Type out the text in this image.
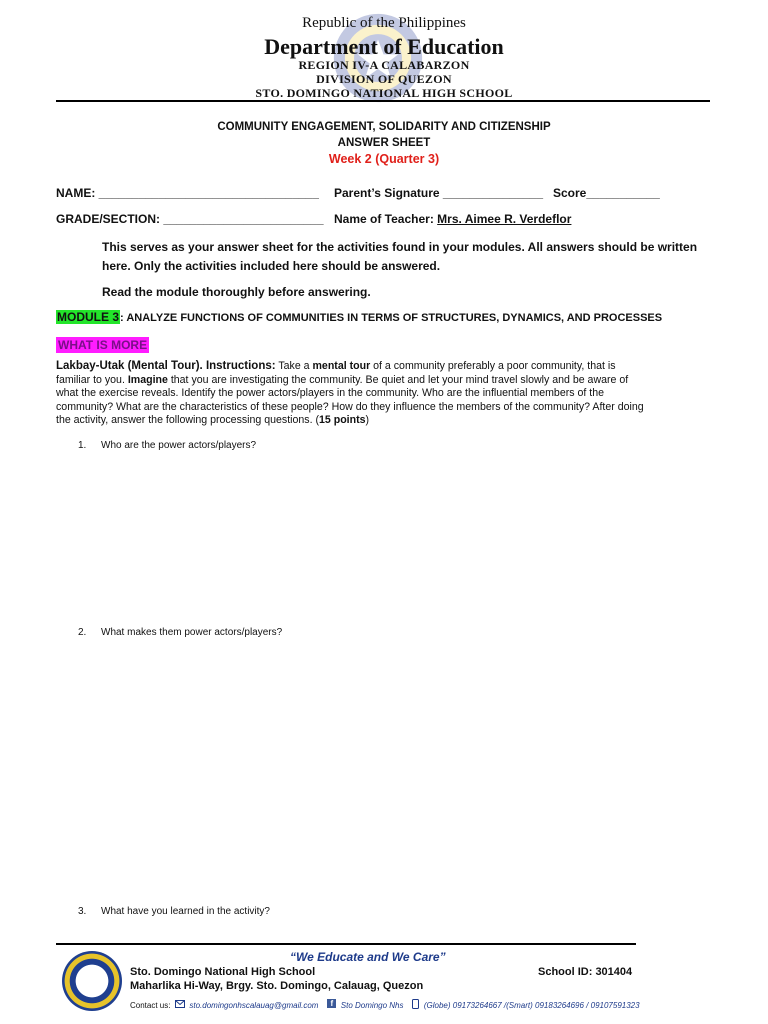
Republic of the Philippines
Department of Education
REGION IV-A CALABARZON
DIVISION OF QUEZON
STO. DOMINGO NATIONAL HIGH SCHOOL
COMMUNITY ENGAGEMENT, SOLIDARITY AND CITIZENSHIP
ANSWER SHEET
Week 2 (Quarter 3)
NAME: _________________________________ Parent’s Signature _______________ Score___________
GRADE/SECTION: ________________________ Name of Teacher: Mrs. Aimee R. Verdeflor
This serves as your answer sheet for the activities found in your modules. All answers should be written
here. Only the activities included here should be answered.
Read the module thoroughly before answering.
MODULE 3: ANALYZE FUNCTIONS OF COMMUNITIES IN TERMS OF STRUCTURES, DYNAMICS, AND PROCESSES
WHAT IS MORE
Lakbay-Utak (Mental Tour). Instructions: Take a mental tour of a community preferably a poor community, that is
familiar to you. Imagine that you are investigating the community. Be quiet and let your mind travel slowly and be aware of
what the exercise reveals. Identify the power actors/players in the community. Who are the influential members of the
community? What are the characteristics of these people? How do they influence the members of the community? After doing
the activity, answer the following processing questions. (15 points)
1. Who are the power actors/players?
2. What makes them power actors/players?
3. What have you learned in the activity?
“We Educate and We Care”
Sto. Domingo National High School
Maharlika Hi-Way, Brgy. Sto. Domingo, Calauag, Quezon
School ID: 301404
Contact us: sto.domingonhscalauag@gmail.com f Sto Domingo Nhs	(Globe) 09173264667 /(Smart) 09183264696 / 09107591323
